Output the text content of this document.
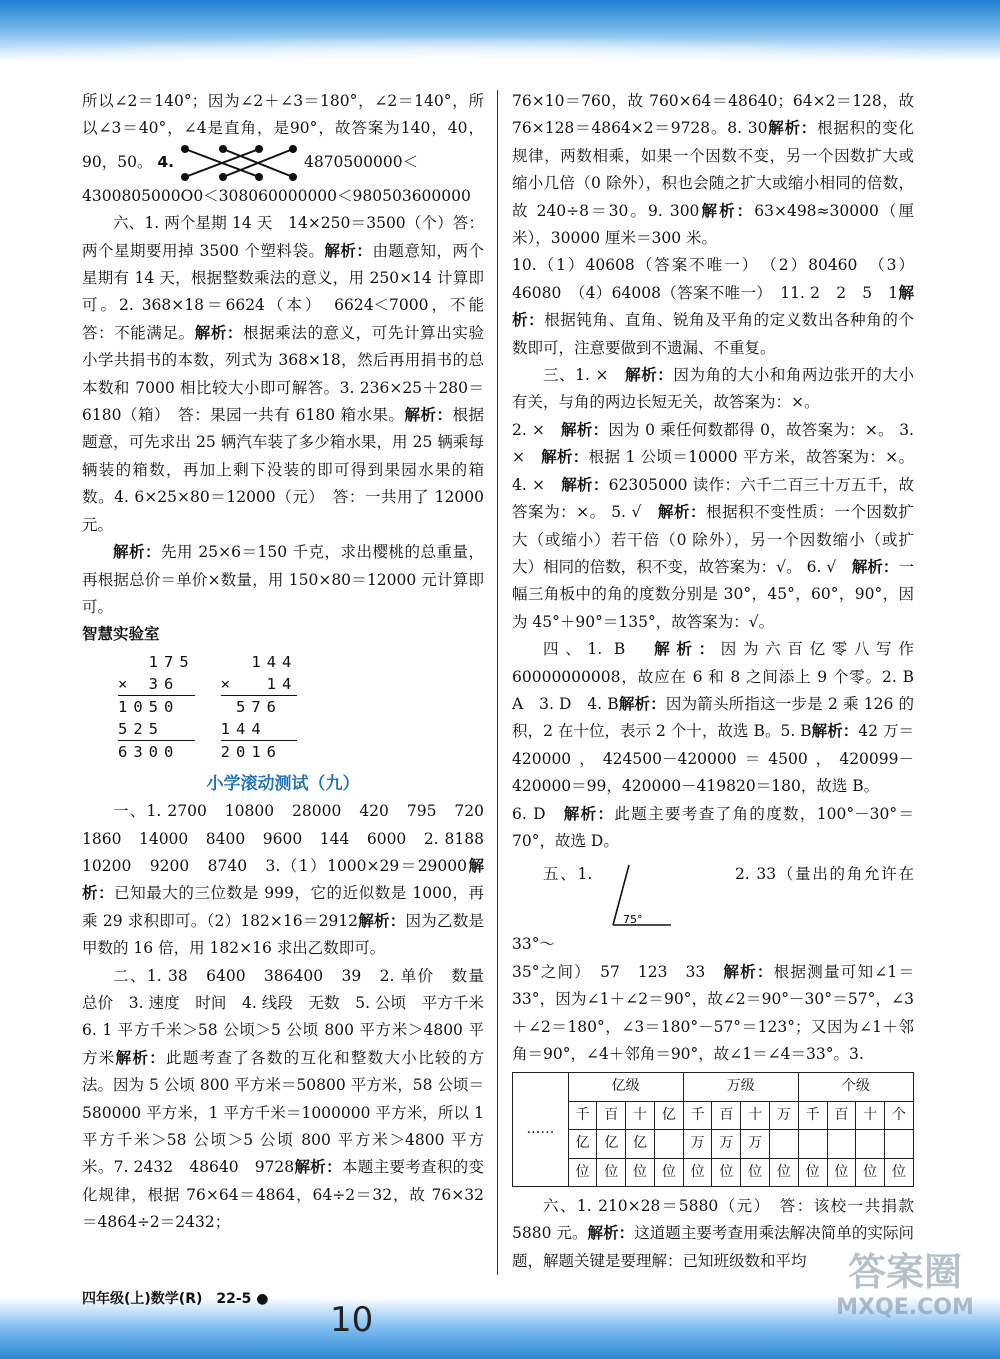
所以∠2＝140°；因为∠2＋∠3＝180°，∠2＝140°，所以∠3＝40°，∠4是直角，是90°，故答案为140，40，90，50。 4.	4870500000＜

4300805000O0＜308060000000＜980503600000

六、1. 两个星期 14 天　14×250＝3500（个）答：两个星期要用掉 3500 个塑料袋。解析：由题意知，两个星期有 14 天，根据整数乘法的意义，用 250×14 计算即可。2. 368×18＝6624（本）　6624＜7000，不能　答：不能满足。解析：根据乘法的意义，可先计算出实验小学共捐书的本数，列式为 368×18，然后再用捐书的总本数和 7000 相比较大小即可解答。3. 236×25＋280＝6180（箱）　答：果园一共有 6180 箱水果。解析：根据题意，可先求出 25 辆汽车装了多少箱水果，用 25 辆乘每辆装的箱数，再加上剩下没装的即可得到果园水果的箱数。4. 6×25×80＝12000（元）　答：一共用了 12000 元。

解析：先用 25×6＝150 千克，求出樱桃的总重量，再根据总价＝单价×数量，用 150×80＝12000 元计算即可。

智慧实验室

175
× 36
1050
525
6300
144
×  14
576
144
2016

小学滚动测试（九）

一、1. 2700　10800　28000　420　795　720　1860　14000　8400　9600　144　6000　2. 8188　10200　9200　8740　3.（1）1000×29＝29000解析：已知最大的三位数是 999，它的近似数是 1000，再乘 29 求积即可。（2）182×16＝2912解析：因为乙数是甲数的 16 倍，用 182×16 求出乙数即可。

二、1. 38　6400　386400　39　2. 单价　数量　总价　3. 速度　时间　4. 线段　无数　5. 公顷　平方千米　6. 1 平方千米＞58 公顷＞5 公顷 800 平方米＞4800 平方米解析：此题考查了各数的互化和整数大小比较的方法。因为 5 公顷 800 平方米＝50800 平方米，58 公顷＝580000 平方米，1 平方千米＝1000000 平方米，所以 1 平方千米＞58 公顷＞5 公顷 800 平方米＞4800 平方米。7. 2432　48640　9728解析：本题主要考查积的变化规律，根据 76×64＝4864，64÷2＝32，故 76×32＝4864÷2＝2432；

76×10＝760，故 760×64＝48640；64×2＝128，故 76×128＝4864×2＝9728。8. 30解析：根据积的变化规律，两数相乘，如果一个因数不变，另一个因数扩大或缩小几倍（0 除外），积也会随之扩大或缩小相同的倍数，故 240÷8＝30。9. 300解析：63×498≈30000（厘米），30000 厘米＝300 米。

10.（1）40608（答案不唯一）　（2）80460　（3）46080　（4）64008（答案不唯一）　11. 2　2　5　1解析：根据钝角、直角、锐角及平角的定义数出各种角的个数即可，注意要做到不遗漏、不重复。

三、1. ×　 解析：因为角的大小和角两边张开的大小有关，与角的两边长短无关，故答案为：×。

2. ×　 解析：因为 0 乘任何数都得 0，故答案为：×。 3. ×　 解析：根据 1 公顷＝10000 平方米，故答案为：×。 4. ×　 解析：62305000 读作：六千二百三十万五千，故答案为：×。 5. √　 解析：根据积不变性质：一个因数扩大（或缩小）若干倍（0 除外），另一个因数缩小（或扩大）相同的倍数，积不变，故答案为：√。 6. √　 解析：一幅三角板中的角的度数分别是 30°，45°，60°，90°，因为 45°＋90°＝135°，故答案为：√。

四、1. B　 解析：因为六百亿零八写作 60000000008，故应在 6 和 8 之间添上 9 个零。2. B　A　3. D　4. B解析：因为箭头所指这一步是 2 乘 126 的积，2 在十位，表示 2 个十，故选 B。5. B解析：42 万＝420000，424500－420000＝4500，420099－420000＝99，420000－419820＝180，故选 B。

6. D　 解析：此题主要考查了角的度数，100°－30°＝70°，故选 D。

五、1.
75°
2. 33（量出的角允许在 33°～

35°之间）　57　123　33　 解析：根据测量可知∠1＝33°，因为∠1＋∠2＝90°，故∠2＝90°－30°＝57°，∠3＋∠2＝180°，∠3＝180°－57°＝123°；又因为∠1＋邻角＝90°，∠4＋邻角＝90°，故∠1＝∠4＝33°。3.

……	亿级				万级				个级			
	千	百	十	亿	千	百	十	万	千	百	十	个
	亿	亿	亿		万	万	万					
	位	位	位	位	位	位	位	位	位	位	位	位

六、1. 210×28＝5880（元）　答：该校一共捐款 5880 元。解析：这道题主要考查用乘法解决简单的实际问题，解题关键是要理解：已知班级数和平均

四年级(上)数学(R)　22-5 ●
10
答案圈
MXQE.COM
